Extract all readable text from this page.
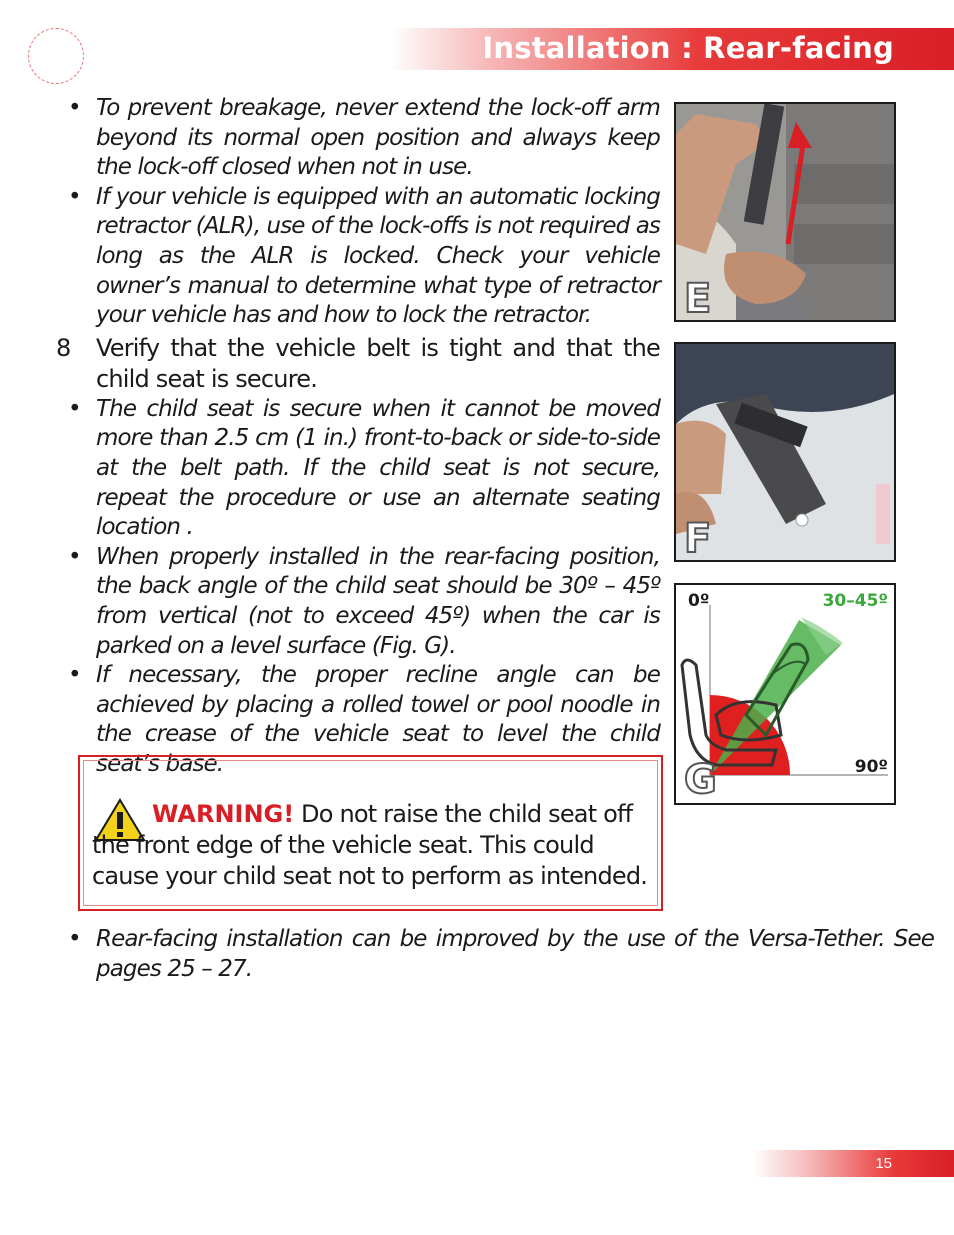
Installation : Rear-facing
• To prevent breakage, never extend the lock-off arm beyond its normal open position and always keep the lock-off closed when not in use.
• If your vehicle is equipped with an automatic locking retractor (ALR), use of the lock-offs is not required as long as the ALR is locked. Check your vehicle owner’s manual to determine what type of retractor your vehicle has and how to lock the retractor.
8 Verify that the vehicle belt is tight and that the child seat is secure.
• The child seat is secure when it cannot be moved more than 2.5 cm (1 in.) front-to-back or side-to-side at the belt path. If the child seat is not secure, repeat the procedure or use an alternate seating location .
• When properly installed in the rear-facing position, the back angle of the child seat should be 30º – 45º from vertical (not to exceed 45º) when the car is parked on a level surface (Fig. G).
• If necessary, the proper recline angle can be achieved by placing a rolled towel or pool noodle in the crease of the vehicle seat to level the child seat’s base.
WARNING! Do not raise the child seat off the front edge of the vehicle seat. This could cause your child seat not to perform as intended.
• Rear-facing installation can be improved by the use of the Versa-Tether. See pages 25 – 27.
E
F
0º	30–45º
90º
G
15
